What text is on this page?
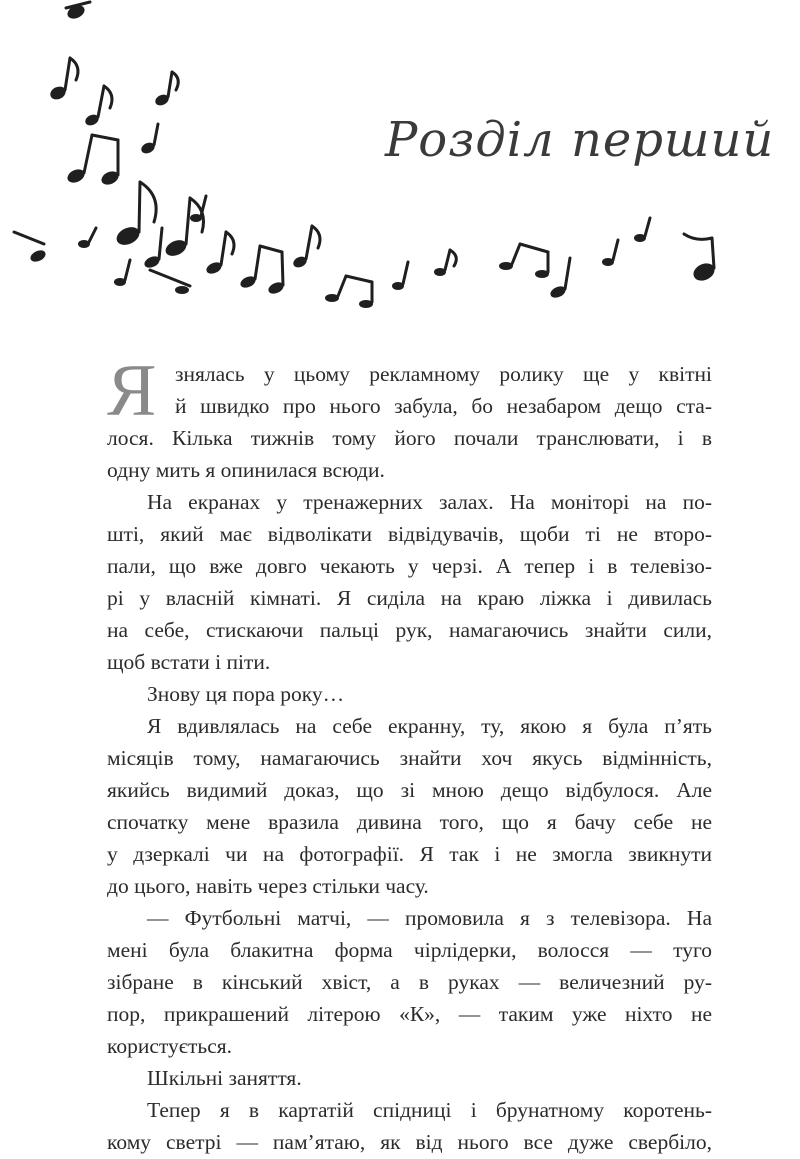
Розділ перший
Я знялась у цьому рекламному ролику ще у квітні
й швидко про нього забула, бо незабаром дещо ста-
лося. Кілька тижнів тому його почали транслювати, і в
одну мить я опинилася всюди.
На екранах у тренажерних залах. На моніторі на по-
шті, який має відволікати відвідувачів, щоби ті не второ-
пали, що вже довго чекають у черзі. А тепер і в телевізо-
рі у власній кімнаті. Я сиділа на краю ліжка і дивилась
на себе, стискаючи пальці рук, намагаючись знайти сили,
щоб встати і піти.
Знову ця пора року…
Я вдивлялась на себе екранну, ту, якою я була п’ять
місяців тому, намагаючись знайти хоч якусь відмінність,
якийсь видимий доказ, що зі мною дещо відбулося. Але
спочатку мене вразила дивина того, що я бачу себе не
у дзеркалі чи на фотографії. Я так і не змогла звикнути
до цього, навіть через стільки часу.
— Футбольні матчі, — промовила я з телевізора. На
мені була блакитна форма чірлідерки, волосся — туго
зібране в кінський хвіст, а в руках — величезний ру-
пор, прикрашений літерою «К», — таким уже ніхто не
користується.
Шкільні заняття.
Тепер я в картатій спідниці і брунатному коротень-
кому светрі — пам’ятаю, як від нього все дуже свербіло,
